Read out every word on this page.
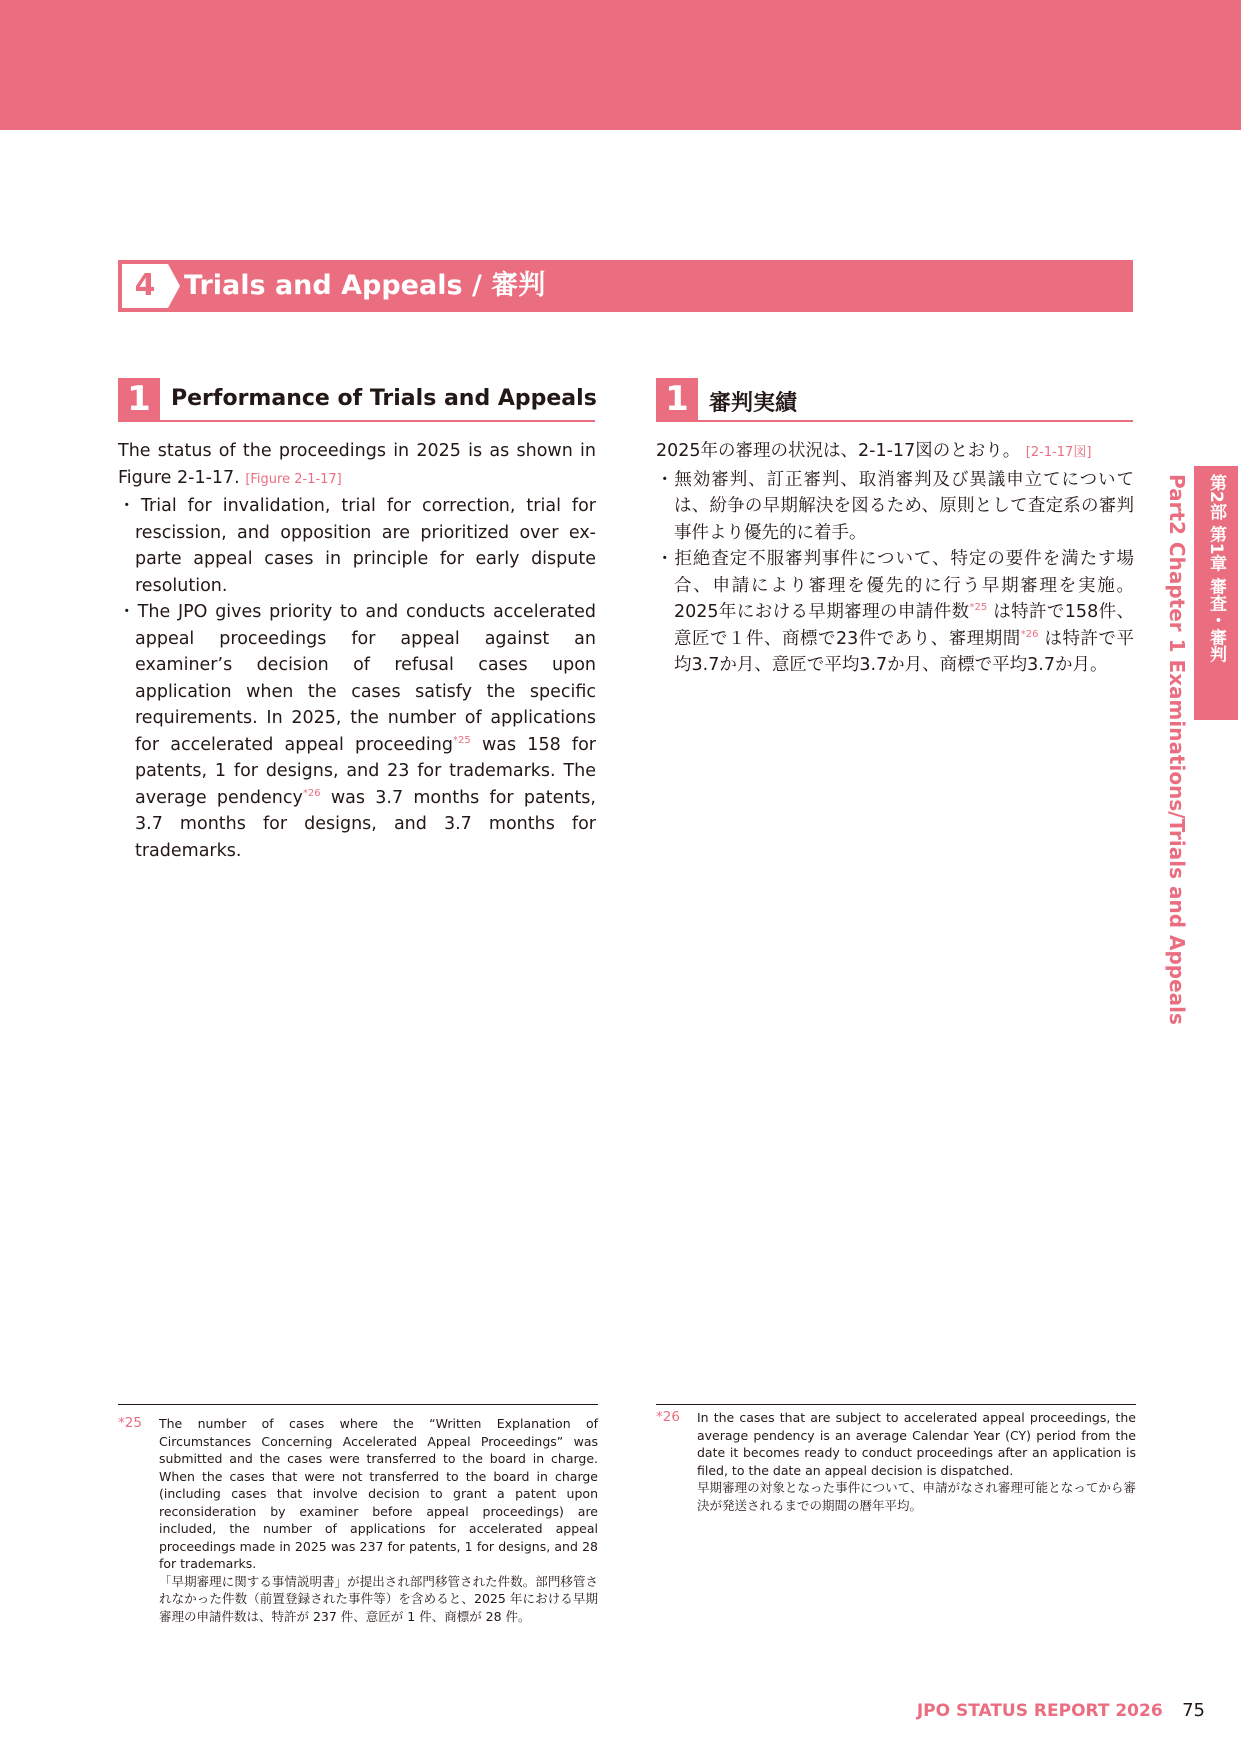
4	Trials and Appeals / 審判
1 Performance of Trials and Appeals 1 審判実績

The status of the proceedings in 2025 is as shown in Figure 2-1-17. [Figure 2-1-17]

・Trial for invalidation, trial for correction, trial for rescission, and opposition are prioritized over ex-parte appeal cases in principle for early dispute resolution.

・The JPO gives priority to and conducts accelerated appeal proceedings for appeal against an examiner’s decision of refusal cases upon application when the cases satisfy the specific requirements. In 2025, the number of applications for accelerated appeal proceeding$^{*25}$ was 158 for patents, 1 for designs, and 23 for trademarks. The average pendency$^{*26}$ was 3.7 months for patents, 3.7 months for designs, and 3.7 months for trademarks.

2025年の審理の状況は、2-1-17図のとおり。 [2-1-17図]

・無効審判、訂正審判、取消審判及び異議申立てについては、紛争の早期解決を図るため、原則として査定系の審判事件より優先的に着手。

・拒絶査定不服審判事件について、特定の要件を満たす場合、申請により審理を優先的に行う早期審理を実施。2025年における早期審理の申請件数$^{*25}$ は特許で158件、意匠で１件、商標で23件であり、審理期間$^{*26}$ は特許で平均3.7か月、意匠で平均3.7か月、商標で平均3.7か月。

*25 The number of cases where the “Written Explanation of Circumstances Concerning Accelerated Appeal Proceedings” was submitted and the cases were transferred to the board in charge. When the cases that were not transferred to the board in charge (including cases that involve decision to grant a patent upon reconsideration by examiner before appeal proceedings) are included, the number of applications for accelerated appeal proceedings made in 2025 was 237 for patents, 1 for designs, and 28 for trademarks.

「早期審理に関する事情説明書」が提出され部門移管された件数。部門移管されなかった件数（前置登録された事件等）を含めると、2025 年における早期審理の申請件数は、特許が 237 件、意匠が 1 件、商標が 28 件。

*26 In the cases that are subject to accelerated appeal proceedings, the average pendency is an average Calendar Year (CY) period from the date it becomes ready to conduct proceedings after an application is filed, to the date an appeal decision is dispatched.

早期審理の対象となった事件について、申請がなされ審理可能となってから審決が発送されるまでの期間の暦年平均。

第2部 第1章 審査・審判
Part2 Chapter 1 Examinations/Trials and Appeals
JPO STATUS REPORT 2026 75
